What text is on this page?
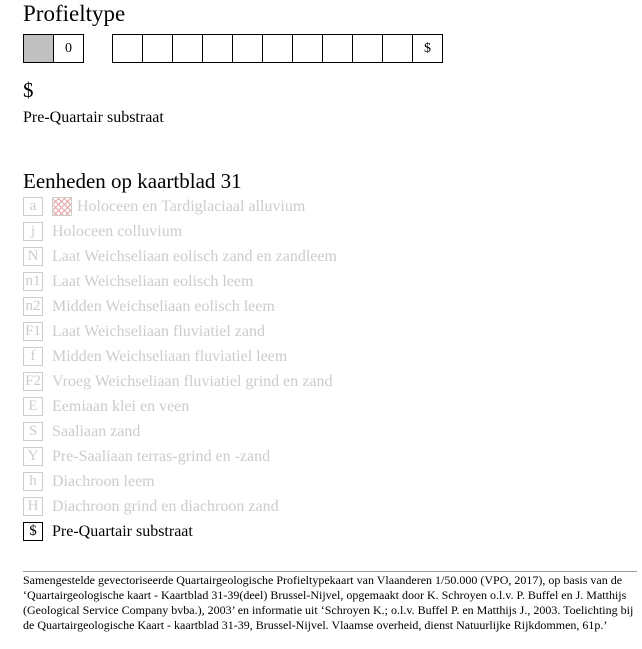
Profieltype
0	$
$
Pre-Quartair substraat
Eenheden op kaartblad 31
a	Holoceen en Tardiglaciaal alluvium
j	Holoceen colluvium
N Laat Weichseliaan eolisch zand en zandleem
n1 Laat Weichseliaan eolisch leem
n2 Midden Weichseliaan eolisch leem
F1 Laat Weichseliaan fluviatiel zand
f	Midden Weichseliaan fluviatiel leem
F2 Vroeg Weichseliaan fluviatiel grind en zand
E Eemiaan klei en veen
S Saaliaan zand
Y Pre-Saaliaan terras-grind en -zand
h Diachroon leem
H Diachroon grind en diachroon zand
$ Pre-Quartair substraat
Samengestelde gevectoriseerde Quartairgeologische Profieltypekaart van Vlaanderen 1/50.000 (VPO, 2017), op basis van de ‘Quartairgeologische kaart - Kaartblad 31-39(deel) Brussel-Nijvel, opgemaakt door K. Schroyen o.l.v. P. Buffel en J. Matthijs (Geological Service Company bvba.), 2003’ en informatie uit ‘Schroyen K.; o.l.v. Buffel P. en Matthijs J., 2003. Toelichting bij de Quartairgeologische Kaart - kaartblad 31-39, Brussel-Nijvel. Vlaamse overheid, dienst Natuurlijke Rijkdommen, 61p.’
